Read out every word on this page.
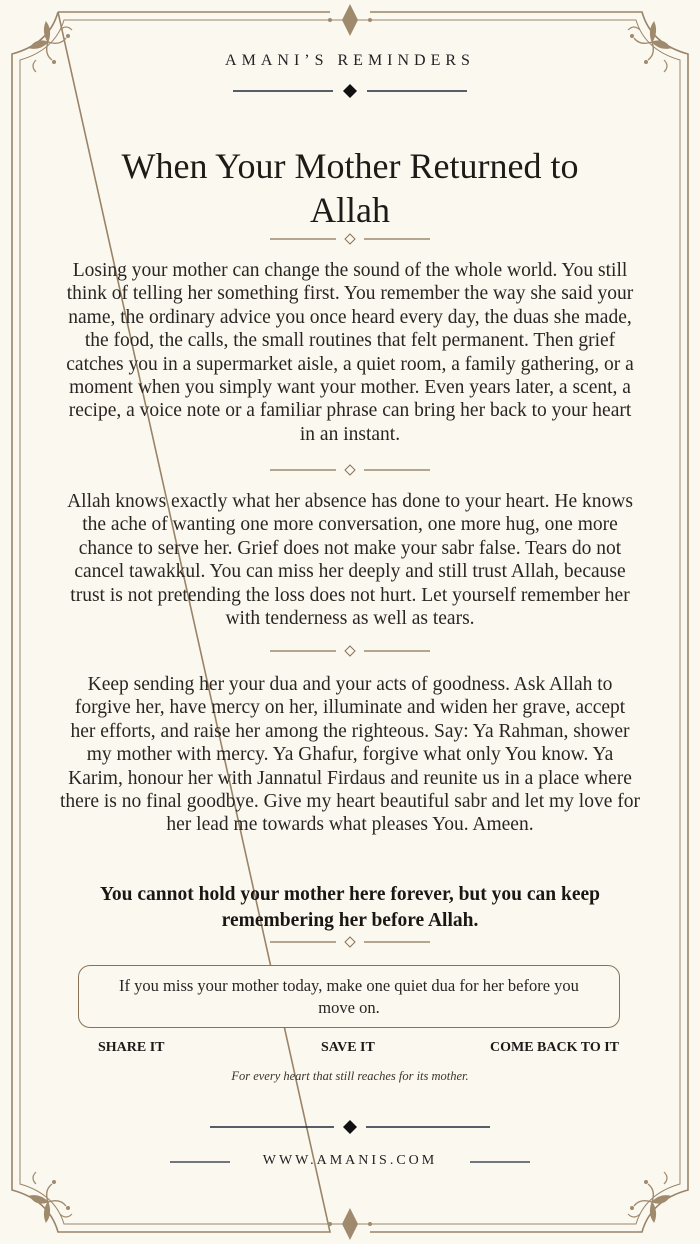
AMANI’S REMINDERS
When Your Mother Returned to Allah
Losing your mother can change the sound of the whole world. You still think of telling her something first. You remember the way she said your name, the ordinary advice you once heard every day, the duas she made, the food, the calls, the small routines that felt permanent. Then grief catches you in a supermarket aisle, a quiet room, a family gathering, or a moment when you simply want your mother. Even years later, a scent, a recipe, a voice note or a familiar phrase can bring her back to your heart in an instant.
Allah knows exactly what her absence has done to your heart. He knows the ache of wanting one more conversation, one more hug, one more chance to serve her. Grief does not make your sabr false. Tears do not cancel tawakkul. You can miss her deeply and still trust Allah, because trust is not pretending the loss does not hurt. Let yourself remember her with tenderness as well as tears.
Keep sending her your dua and your acts of goodness. Ask Allah to forgive her, have mercy on her, illuminate and widen her grave, accept her efforts, and raise her among the righteous. Say: Ya Rahman, shower my mother with mercy. Ya Ghafur, forgive what only You know. Ya Karim, honour her with Jannatul Firdaus and reunite us in a place where there is no final goodbye. Give my heart beautiful sabr and let my love for her lead me towards what pleases You. Ameen.
You cannot hold your mother here forever, but you can keep remembering her before Allah.
If you miss your mother today, make one quiet dua for her before you move on.
SHARE IT	SAVE IT	COME BACK TO IT
For every heart that still reaches for its mother.
WWW.AMANIS.COM
